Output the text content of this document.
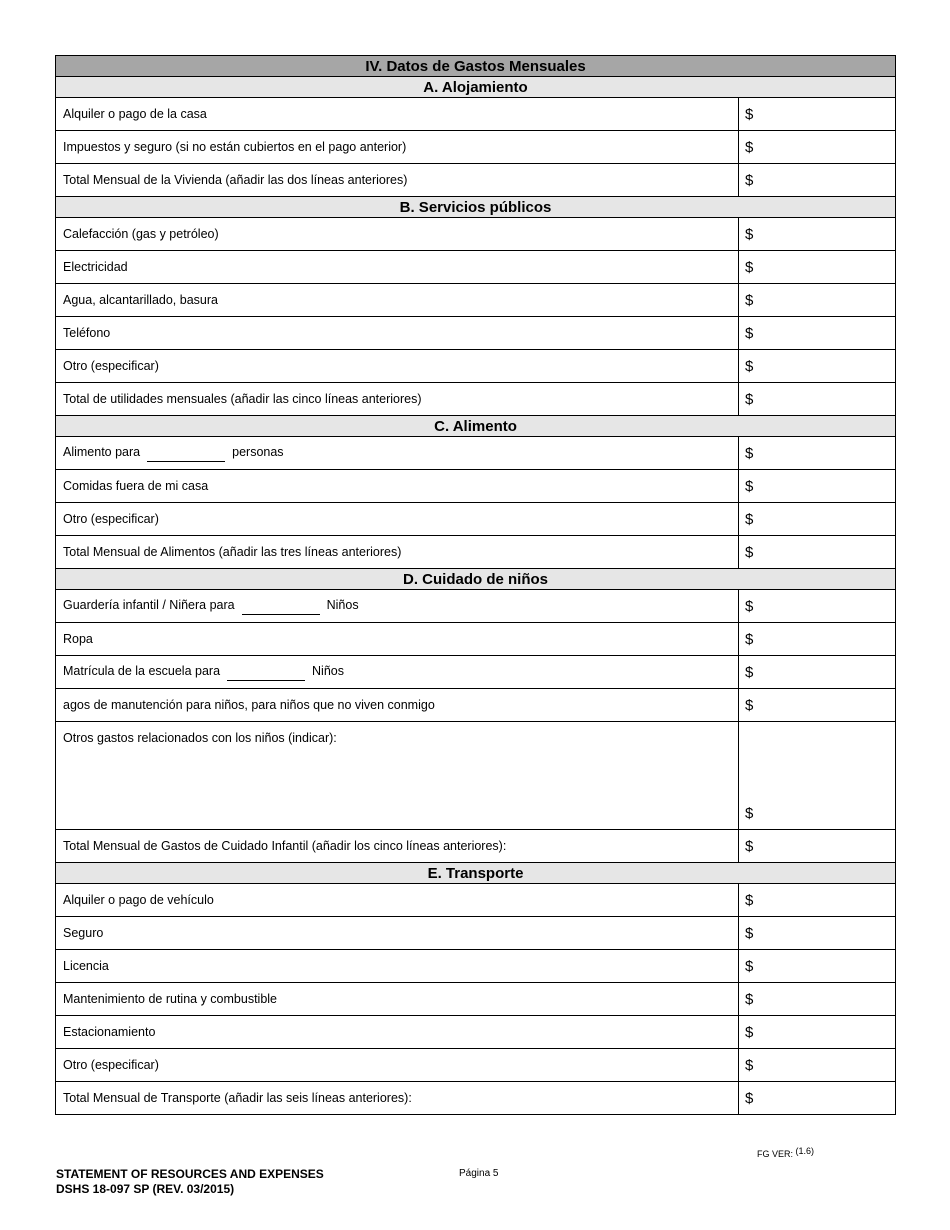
IV. Datos de Gastos Mensuales	
A. Alojamiento	
Alquiler o pago de la casa	$
Impuestos y seguro (si no están cubiertos en el pago anterior)	$
Total Mensual de la Vivienda (añadir las dos líneas anteriores)	$
B. Servicios públicos	
Calefacción (gas y petróleo)	$
Electricidad	$
Agua, alcantarillado, basura	$
Teléfono	$
Otro (especificar)	$
Total de utilidades mensuales (añadir las cinco líneas anteriores)	$
C. Alimento	
Alimento para personas	$
Comidas fuera de mi casa	$
Otro (especificar)	$
Total Mensual de Alimentos (añadir las tres líneas anteriores)	$
D. Cuidado de niños	
Guardería infantil / Niñera para Niños	$
Ropa	$
Matrícula de la escuela para Niños	$
agos de manutención para niños, para niños que no viven conmigo	$
Otros gastos relacionados con los niños (indicar):	$
Total Mensual de Gastos de Cuidado Infantil (añadir los cinco líneas anteriores):	$
E. Transporte	
Alquiler o pago de vehículo	$
Seguro	$
Licencia	$
Mantenimiento de rutina y combustible	$
Estacionamiento	$
Otro (especificar)	$
Total Mensual de Transporte (añadir las seis líneas anteriores):	$
FG VER: $^{(1.6)}$
STATEMENT OF RESOURCES AND EXPENSES
DSHS 18-097 SP (REV. 03/2015)
Página 5
